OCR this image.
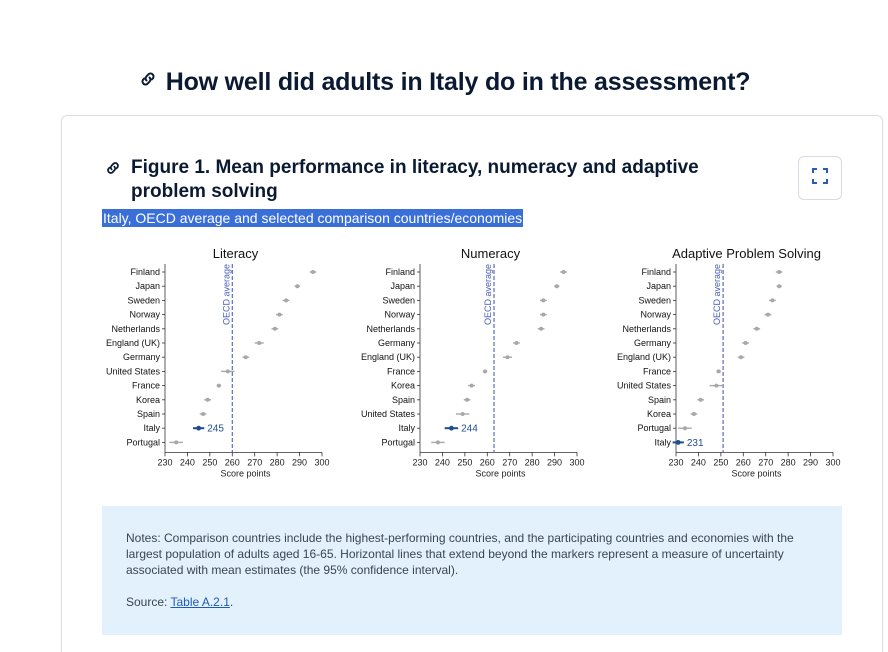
How well did adults in Italy do in the assessment?
Figure 1. Mean performance in literacy, numeracy and adaptive problem solving
Italy, OECD average and selected comparison countries/economies
Literacy
230 240 250 260 270 280 290 300
Score points
OECD average
Finland
Japan
Sweden
Norway
Netherlands
England (UK)
Germany
United States
France
Korea
Spain
Italy	245
Portugal
Numeracy
230 240 250 260 270 280 290 300
Score points
OECD average
Finland
Japan
Sweden
Norway
Netherlands
Germany
England (UK)
France
Korea
Spain
United States
Italy	244
Portugal
Adaptive Problem Solving
230 240 250 260 270 280 290 300
Score points
OECD average
Finland
Japan
Sweden
Norway
Netherlands
Germany
England (UK)
France
United States
Spain
Korea
Portugal
Italy 231

Notes: Comparison countries include the highest-performing countries, and the participating countries and economies with the largest population of adults aged 16-65. Horizontal lines that extend beyond the markers represent a measure of uncertainty associated with mean estimates (the 95% confidence interval).

Source: Table A.2.1.
